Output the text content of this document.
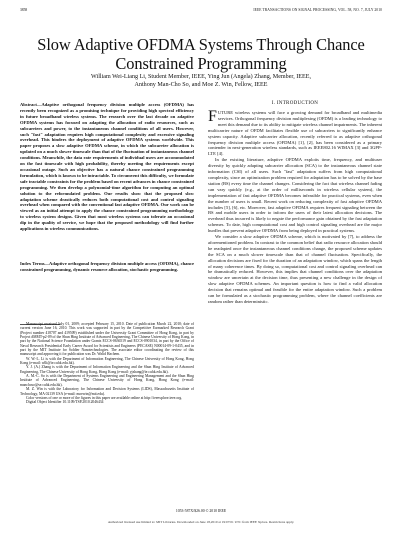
3858	IEEE TRANSACTIONS ON SIGNAL PROCESSING, VOL. 58, NO. 7, JULY 2010
Slow Adaptive OFDMA Systems Through Chance Constrained Programming
William Wei-Liang Li, Student Member, IEEE, Ying Jun (Angela) Zhang, Member, IEEE,
Anthony Man-Cho So, and Moe Z. Win, Fellow, IEEE
Abstract—Adaptive orthogonal frequency division multiple access (OFDMA) has recently been recognized as a promising technique for providing high spectral efficiency in future broadband wireless systems. The research over the last decade on adaptive OFDMA systems has focused on adapting the allocation of radio resources, such as subcarriers and power, to the instantaneous channel conditions of all users. However, such "fast" adaptation requires high computational complexity and excessive signaling overhead. This hinders the deployment of adaptive OFDMA systems worldwide. This paper proposes a slow adaptive OFDMA scheme, in which the subcarrier allocation is updated on a much slower timescale than that of the fluctuation of instantaneous channel conditions. Meanwhile, the data rate requirements of individual users are accommodated on the fast timescale with high probability, thereby meeting the requirements except occasional outage. Such an objective has a natural chance constrained programming formulation, which is known to be intractable. To circumvent this difficulty, we formulate safe tractable constraints for the problem based on recent advances in chance constrained programming. We then develop a polynomial-time algorithm for computing an optimal solution to the reformulated problem. Our results show that the proposed slow adaptation scheme drastically reduces both computational cost and control signaling overhead when compared with the conventional fast adaptive OFDMA. Our work can be viewed as an initial attempt to apply the chance constrained programming methodology to wireless system designs. Given that most wireless systems can tolerate an occasional dip in the quality of service, we hope that the proposed methodology will find further applications in wireless communications.
Index Terms—Adaptive orthogonal frequency division multiple access (OFDMA), chance constrained programming, dynamic resource allocation, stochastic programming.

Manuscript received July 01, 2009; accepted February 15, 2010. Date of publication March 22, 2010; date of current version June 16, 2010. This work was supported in part by the Competitive Earmarked Research Grant (Project number 418707 and 419509) established under the University Grant Committee of Hong Kong, in part by Project #MMT-p2-09 of the Shun Hing Institute of Advanced Engineering, The Chinese University of Hong Kong, in part by the National Science Foundation under Grants ECCS-0636519 and ECCS-0901034, in part by the Office of Naval Research Presidential Early Career Award for Scientists and Engineers (PECASE) N00014-09-1-0435, and in part by the MIT Institute for Soldier Nanotechnologies. The associate editor coordinating the review of this manuscript and approving it for publication was Dr. Walid Hachem.

W. W.-L. Li is with the Department of Information Engineering, The Chinese University of Hong Kong, Hong Kong (e-mail: wlli@ie.cuhk.edu.hk).

Y. J. (A.) Zhang is with the Department of Information Engineering and the Shun Hing Institute of Advanced Engineering, The Chinese University of Hong Kong, Hong Kong (e-mail: yjzhang@ie.cuhk.edu.hk).

A. M.-C. So is with the Department of Systems Engineering and Engineering Management and the Shun Hing Institute of Advanced Engineering, The Chinese University of Hong Kong, Hong Kong (e-mail: manchoso@se.cuhk.edu.hk).

M. Z. Win is with the Laboratory for Information and Decision Systems (LIDS), Massachusetts Institute of Technology, MA 02139 USA (e-mail: moewin@mit.edu).

Color versions of one or more of the figures in this paper are available online at http://ieeexplore.ieee.org.

Digital Object Identifier 10.1109/TSP.2010.2046434

I. INTRODUCTION

FUTURE wireless systems will face a growing demand for broadband and multimedia services. Orthogonal frequency division multiplexing (OFDM) is a leading technology to meet this demand due to its ability to mitigate wireless channel impairments. The inherent multicarrier nature of OFDM facilitates flexible use of subcarriers to significantly enhance system capacity. Adaptive subcarrier allocation, recently referred to as adaptive orthogonal frequency division multiple access (OFDMA) [1], [2], has been considered as a primary contender in next-generation wireless standards, such as IEEE802.16 WIMAX [3] and 3GPP-LTE [4].

In the existing literature, adaptive OFDMA exploits time, frequency, and multiuser diversity by quickly adapting subcarrier allocation (SCA) to the instantaneous channel state information (CSI) of all users. Such "fast" adaptation suffers from high computational complexity, since an optimization problem required for adaptation has to be solved by the base station (BS) every time the channel changes. Considering the fact that wireless channel fading can vary quickly (e.g., at the order of milliseconds in wireless cellular system), the implementation of fast adaptive OFDMA becomes infeasible for practical systems, even when the number of users is small. Recent work on reducing complexity of fast adaptive OFDMA includes [5], [6], etc. Moreover, fast adaptive OFDMA requires frequent signaling between the BS and mobile users in order to inform the users of their latest allocation decisions. The overhead thus incurred is likely to negate the performance gain obtained by the fast adaptation schemes. To date, high computational cost and high control signaling overhead are the major hurdles that prevent adaptive OFDMA from being deployed in practical systems.

We consider a slow adaptive OFDMA scheme, which is motivated by [7], to address the aforementioned problem. In contrast to the common belief that radio resource allocation should be readapted once the instantaneous channel conditions change, the proposed scheme updates the SCA on a much slower timescale than that of channel fluctuation. Specifically, the allocation decisions are fixed for the duration of an adaptation window, which spans the length of many coherence times. By doing so, computational cost and control signaling overhead can be dramatically reduced. However, this implies that channel conditions over the adaptation window are uncertain at the decision time, thus presenting a new challenge in the design of slow adaptive OFDMA schemes. An important question is how to find a valid allocation decision that remains optimal and feasible for the entire adaptation window. Such a problem can be formulated as a stochastic programming problem, where the channel coefficients are random rather than deterministic.

1053-587X/$26.00 © 2010 IEEE
Authorized licensed use limited to: MIT Libraries. Downloaded on June 18,2010 at 19:07:01 UTC from IEEE Xplore. Restrictions apply.
